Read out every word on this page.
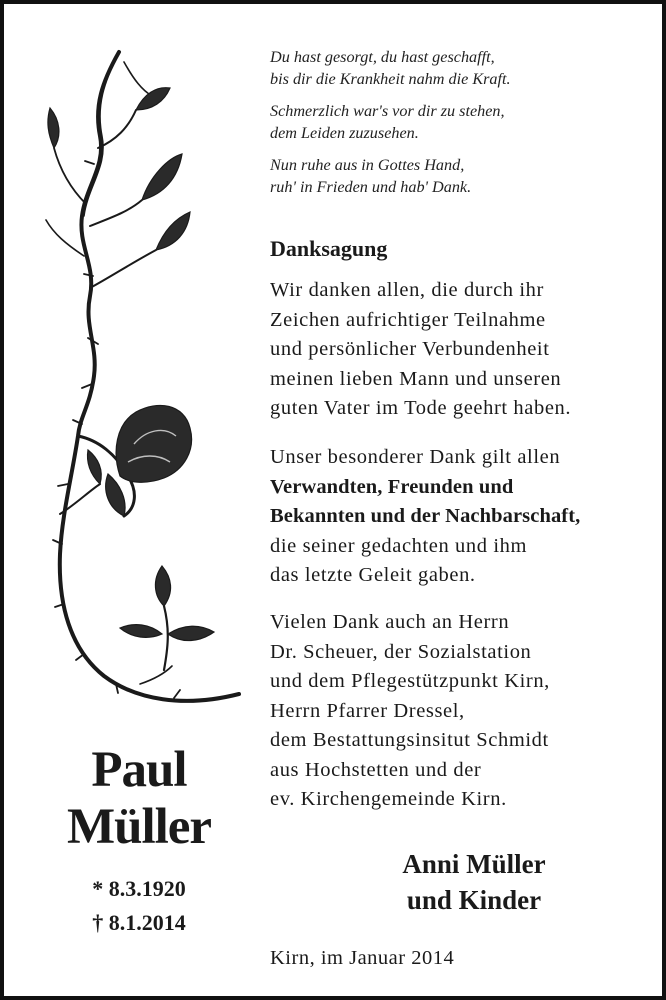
Du hast gesorgt, du hast geschafft,
bis dir die Krankheit nahm die Kraft.

Schmerzlich war's vor dir zu stehen,
dem Leiden zuzusehen.

Nun ruhe aus in Gottes Hand,
ruh' in Frieden und hab' Dank.

Danksagung
Wir danken allen, die durch ihr
Zeichen aufrichtiger Teilnahme
und persönlicher Verbundenheit
meinen lieben Mann und unseren
guten Vater im Tode geehrt haben.
Unser besonderer Dank gilt allen
Verwandten, Freunden und
Bekannten und der Nachbarschaft,
die seiner gedachten und ihm
das letzte Geleit gaben.
Vielen Dank auch an Herrn
Dr. Scheuer, der Sozialstation
und dem Pflegestützpunkt Kirn,
Herrn Pfarrer Dressel,
dem Bestattungsinsitut Schmidt
aus Hochstetten und der
ev. Kirchengemeinde Kirn.
Paul
Müller
* 8.3.1920
† 8.1.2014
Anni Müller
und Kinder
Kirn, im Januar 2014
